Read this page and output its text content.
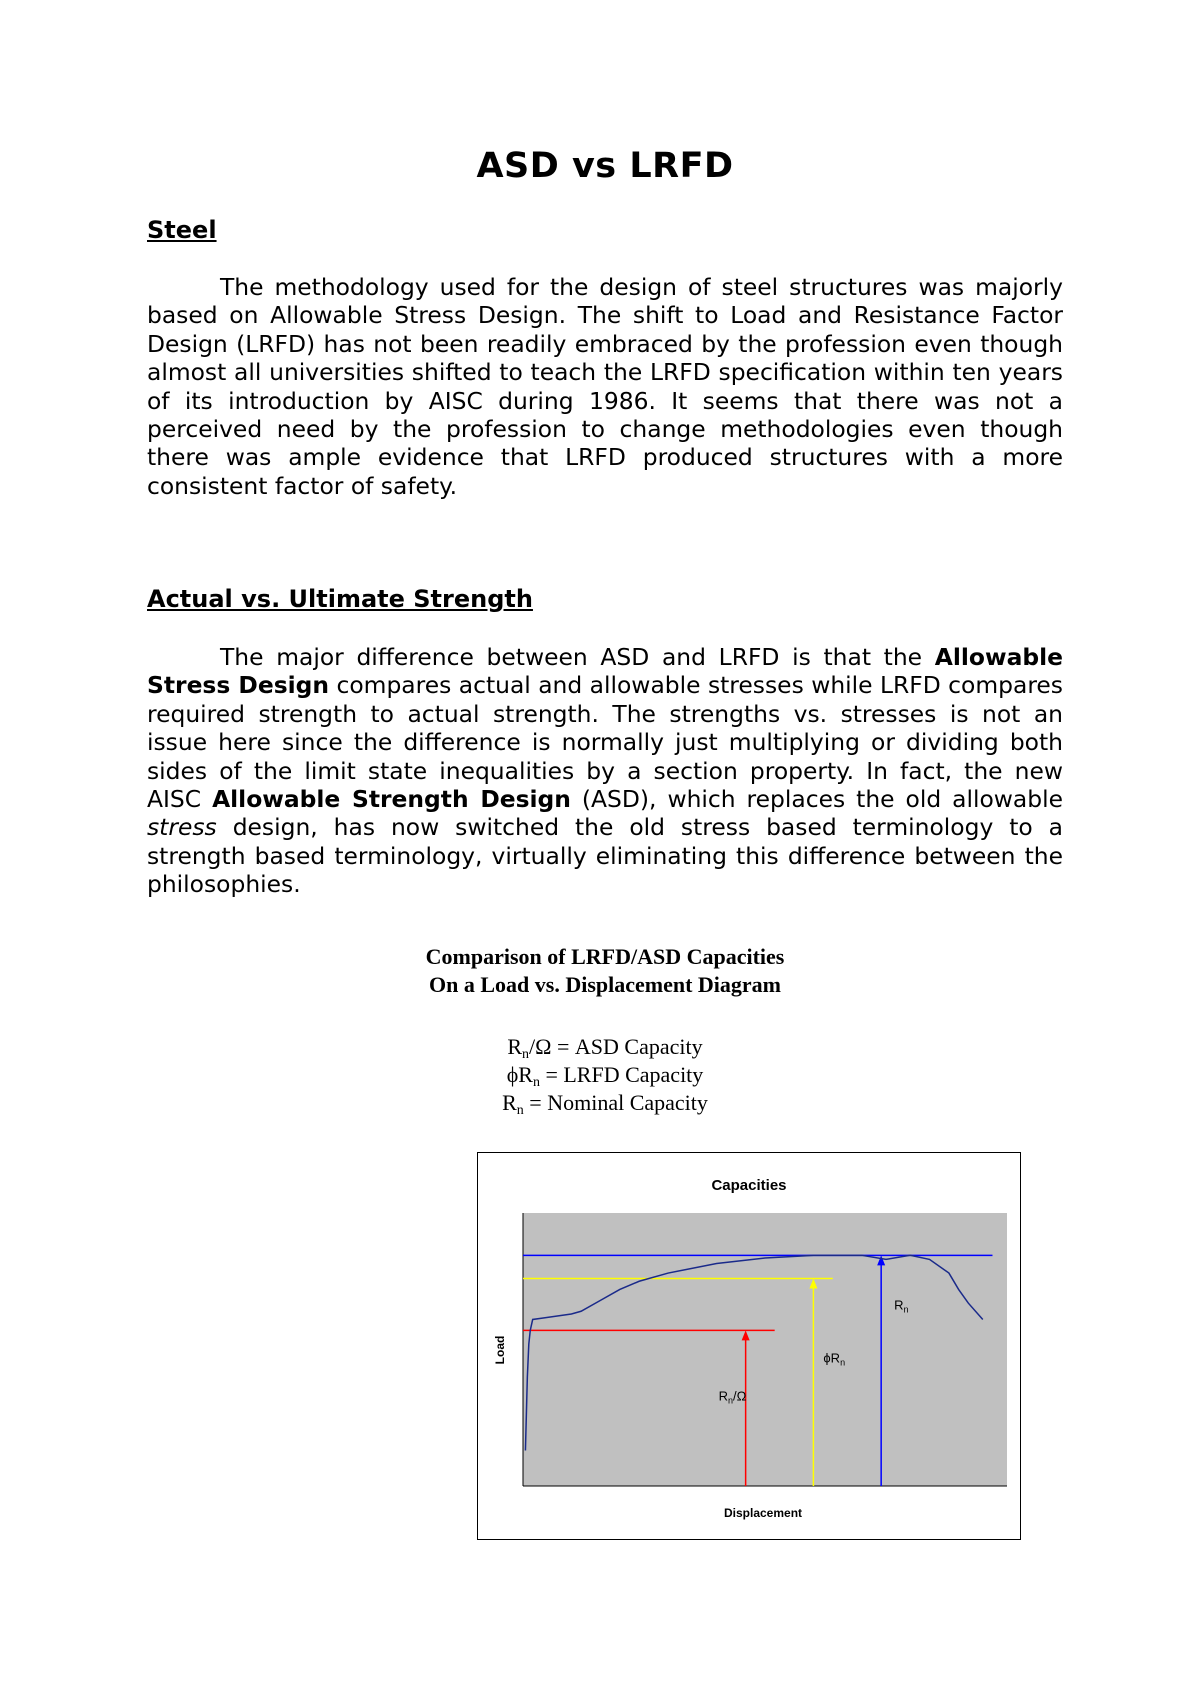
ASD vs LRFD
Steel

The methodology used for the design of steel structures was majorly based on Allowable Stress Design. The shift to Load and Resistance Factor Design (LRFD) has not been readily embraced by the profession even though almost all universities shifted to teach the LRFD specification within ten years of its introduction by AISC during 1986. It seems that there was not a perceived need by the profession to change methodologies even though there was ample evidence that LRFD produced structures with a more consistent factor of safety.

Actual vs. Ultimate Strength

The major difference between ASD and LRFD is that the Allowable Stress Design compares actual and allowable stresses while LRFD compares required strength to actual strength. The strengths vs. stresses is not an issue here since the difference is normally just multiplying or dividing both sides of the limit state inequalities by a section property. In fact, the new AISC Allowable Strength Design (ASD), which replaces the old allowable stress design, has now switched the old stress based terminology to a strength based terminology, virtually eliminating this difference between the philosophies.

Comparison of LRFD/ASD Capacities
On a Load vs. Displacement Diagram
$R_n/\Omega$ = ASD Capacity
$\phi R_n$ = LRFD Capacity
$R_n$ = Nominal Capacity
Capacities
$R_n/\Omega$
$\phi R_n$
$R_n$
Displacement
Load
